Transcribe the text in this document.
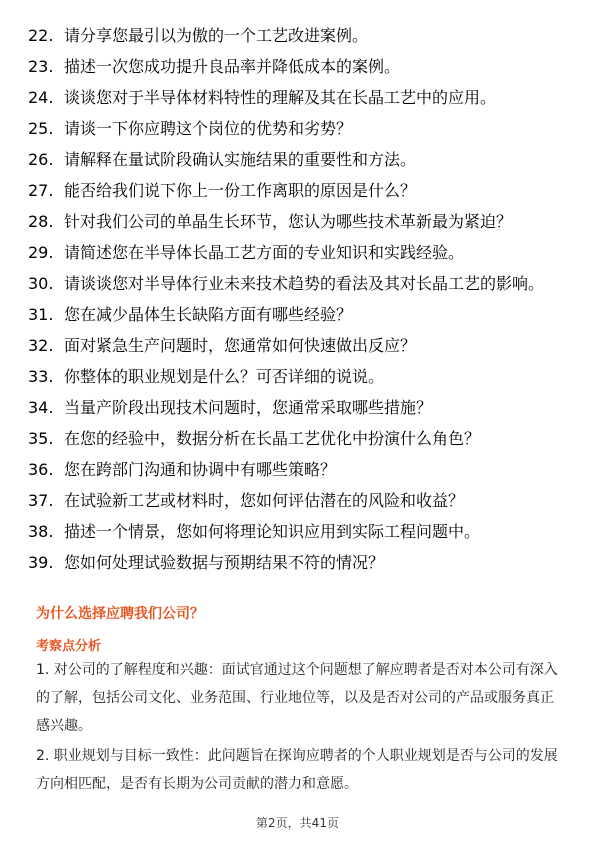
22. 请分享您最引以为傲的一个工艺改进案例。
23. 描述一次您成功提升良品率并降低成本的案例。
24. 谈谈您对于半导体材料特性的理解及其在长晶工艺中的应用。
25. 请谈一下你应聘这个岗位的优势和劣势？
26. 请解释在量试阶段确认实施结果的重要性和方法。
27. 能否给我们说下你上一份工作离职的原因是什么？
28. 针对我们公司的单晶生长环节，您认为哪些技术革新最为紧迫？
29. 请简述您在半导体长晶工艺方面的专业知识和实践经验。
30. 请谈谈您对半导体行业未来技术趋势的看法及其对长晶工艺的影响。
31. 您在减少晶体生长缺陷方面有哪些经验？
32. 面对紧急生产问题时，您通常如何快速做出反应？
33. 你整体的职业规划是什么？可否详细的说说。
34. 当量产阶段出现技术问题时，您通常采取哪些措施？
35. 在您的经验中，数据分析在长晶工艺优化中扮演什么角色？
36. 您在跨部门沟通和协调中有哪些策略？
37. 在试验新工艺或材料时，您如何评估潜在的风险和收益？
38. 描述一个情景，您如何将理论知识应用到实际工程问题中。
39. 您如何处理试验数据与预期结果不符的情况？
为什么选择应聘我们公司？
考察点分析
1. 对公司的了解程度和兴趣：面试官通过这个问题想了解应聘者是否对本公司有深入的了解，包括公司文化、业务范围、行业地位等，以及是否对公司的产品或服务真正感兴趣。
2. 职业规划与目标一致性：此问题旨在探询应聘者的个人职业规划是否与公司的发展方向相匹配，是否有长期为公司贡献的潜力和意愿。
第2页，共41页
